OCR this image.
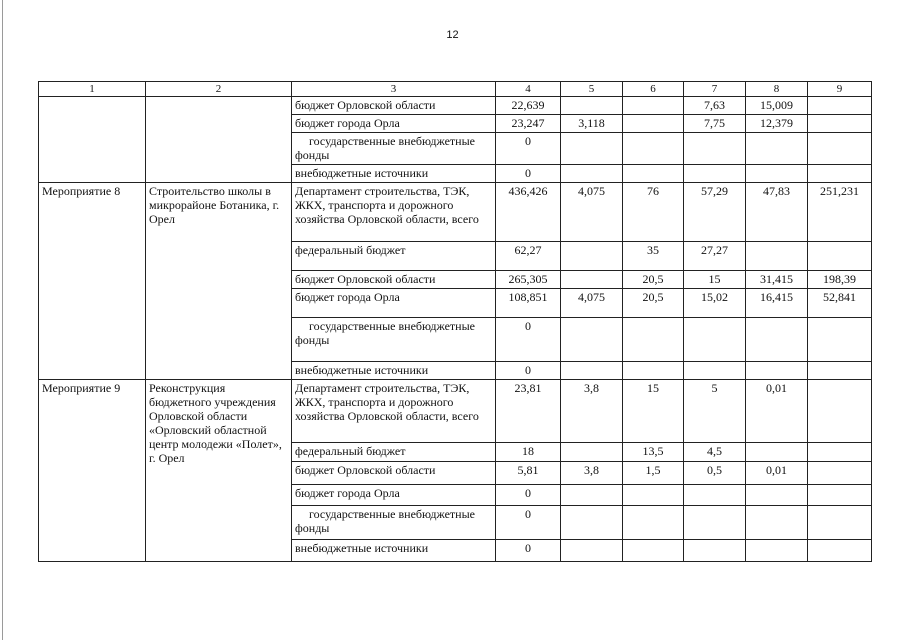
12
1	2	3	4	5	6	7	8	9
		бюджет Орловской области	22,639			7,63	15,009	
		бюджет города Орла	23,247	3,118		7,75	12,379	
		государственные внебюджетные фонды	0					
		внебюджетные источники	0					
Мероприятие 8	Строительство школы в микрорайоне Ботаника, г. Орел	Департамент строительства, ТЭК, ЖКХ, транспорта и дорожного хозяйства Орловской области, всего	436,426	4,075	76	57,29	47,83	251,231
		федеральный бюджет	62,27		35	27,27		
		бюджет Орловской области	265,305		20,5	15	31,415	198,39
		бюджет города Орла	108,851	4,075	20,5	15,02	16,415	52,841
		государственные внебюджетные фонды	0					
		внебюджетные источники	0					
Мероприятие 9	Реконструкция бюджетного учреждения Орловской области «Орловский областной центр молодежи «Полет», г. Орел	Департамент строительства, ТЭК, ЖКХ, транспорта и дорожного хозяйства Орловской области, всего	23,81	3,8	15	5	0,01	
		федеральный бюджет	18		13,5	4,5		
		бюджет Орловской области	5,81	3,8	1,5	0,5	0,01	
		бюджет города Орла	0					
		государственные внебюджетные фонды	0					
		внебюджетные источники	0					
